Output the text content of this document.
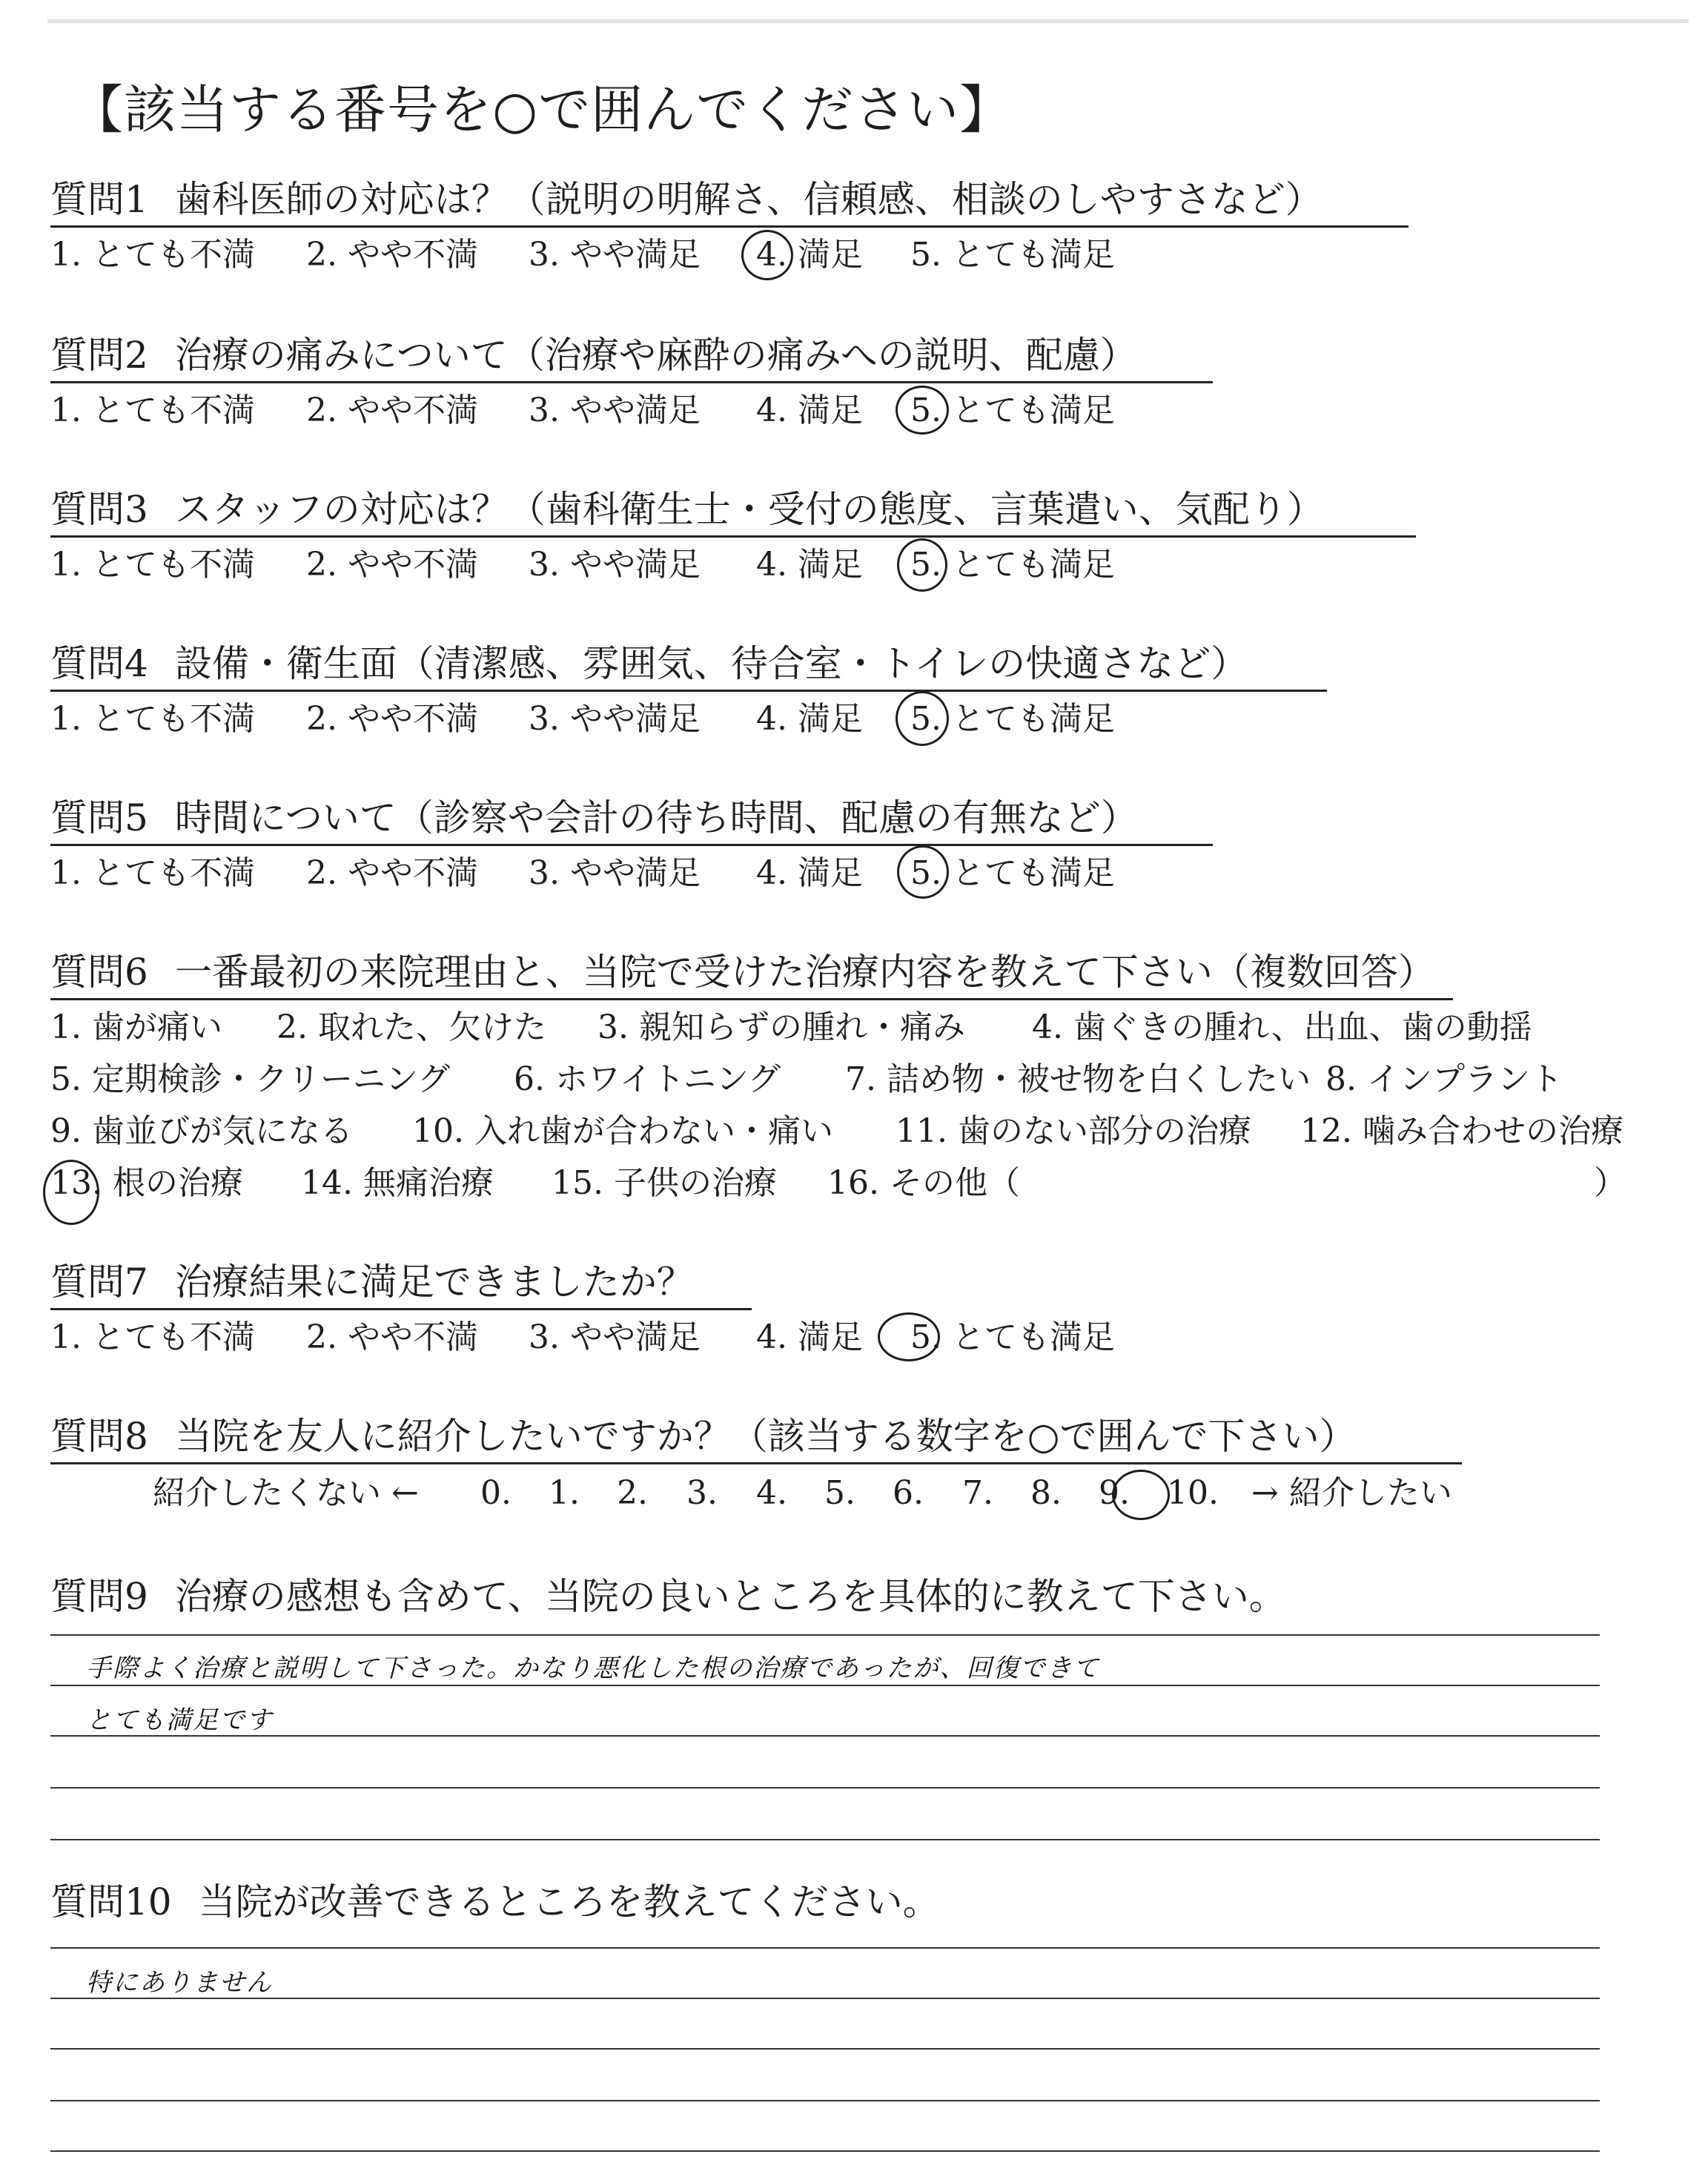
【該当する番号を○で囲んでください】
質問1 歯科医師の対応は？（説明の明解さ、信頼感、相談のしやすさなど）
1. とても不満 2. やや不満 3. やや満足 4. 満足 5. とても満足
質問2 治療の痛みについて（治療や麻酔の痛みへの説明、配慮）
1. とても不満 2. やや不満 3. やや満足 4. 満足 5. とても満足
質問3 スタッフの対応は？（歯科衛生士・受付の態度、言葉遣い、気配り）
1. とても不満 2. やや不満 3. やや満足 4. 満足 5. とても満足
質問4 設備・衛生面（清潔感、雰囲気、待合室・トイレの快適さなど）
1. とても不満 2. やや不満 3. やや満足 4. 満足 5. とても満足
質問5 時間について（診察や会計の待ち時間、配慮の有無など）
1. とても不満 2. やや不満 3. やや満足 4. 満足 5. とても満足
質問6 一番最初の来院理由と、当院で受けた治療内容を教えて下さい（複数回答）
1. 歯が痛い 2. 取れた、欠けた 3. 親知らずの腫れ・痛み 4. 歯ぐきの腫れ、出血、歯の動揺
5. 定期検診・クリーニング 6. ホワイトニング 7. 詰め物・被せ物を白くしたい 8. インプラント
9. 歯並びが気になる 10. 入れ歯が合わない・痛い 11. 歯のない部分の治療 12. 噛み合わせの治療
13. 根の治療 14. 無痛治療 15. 子供の治療 16. その他（	）
質問7 治療結果に満足できましたか？
1. とても不満 2. やや不満 3. やや満足 4. 満足 5. とても満足
質問8 当院を友人に紹介したいですか？（該当する数字を○で囲んで下さい）
紹介したくない ← 0. 1. 2. 3. 4. 5. 6. 7. 8. 9. 10. → 紹介したい
質問9 治療の感想も含めて、当院の良いところを具体的に教えて下さい。
手際よく治療と説明して下さった。かなり悪化した根の治療であったが、回復できて
とても満足です
質問10 当院が改善できるところを教えてください。
特にありません
